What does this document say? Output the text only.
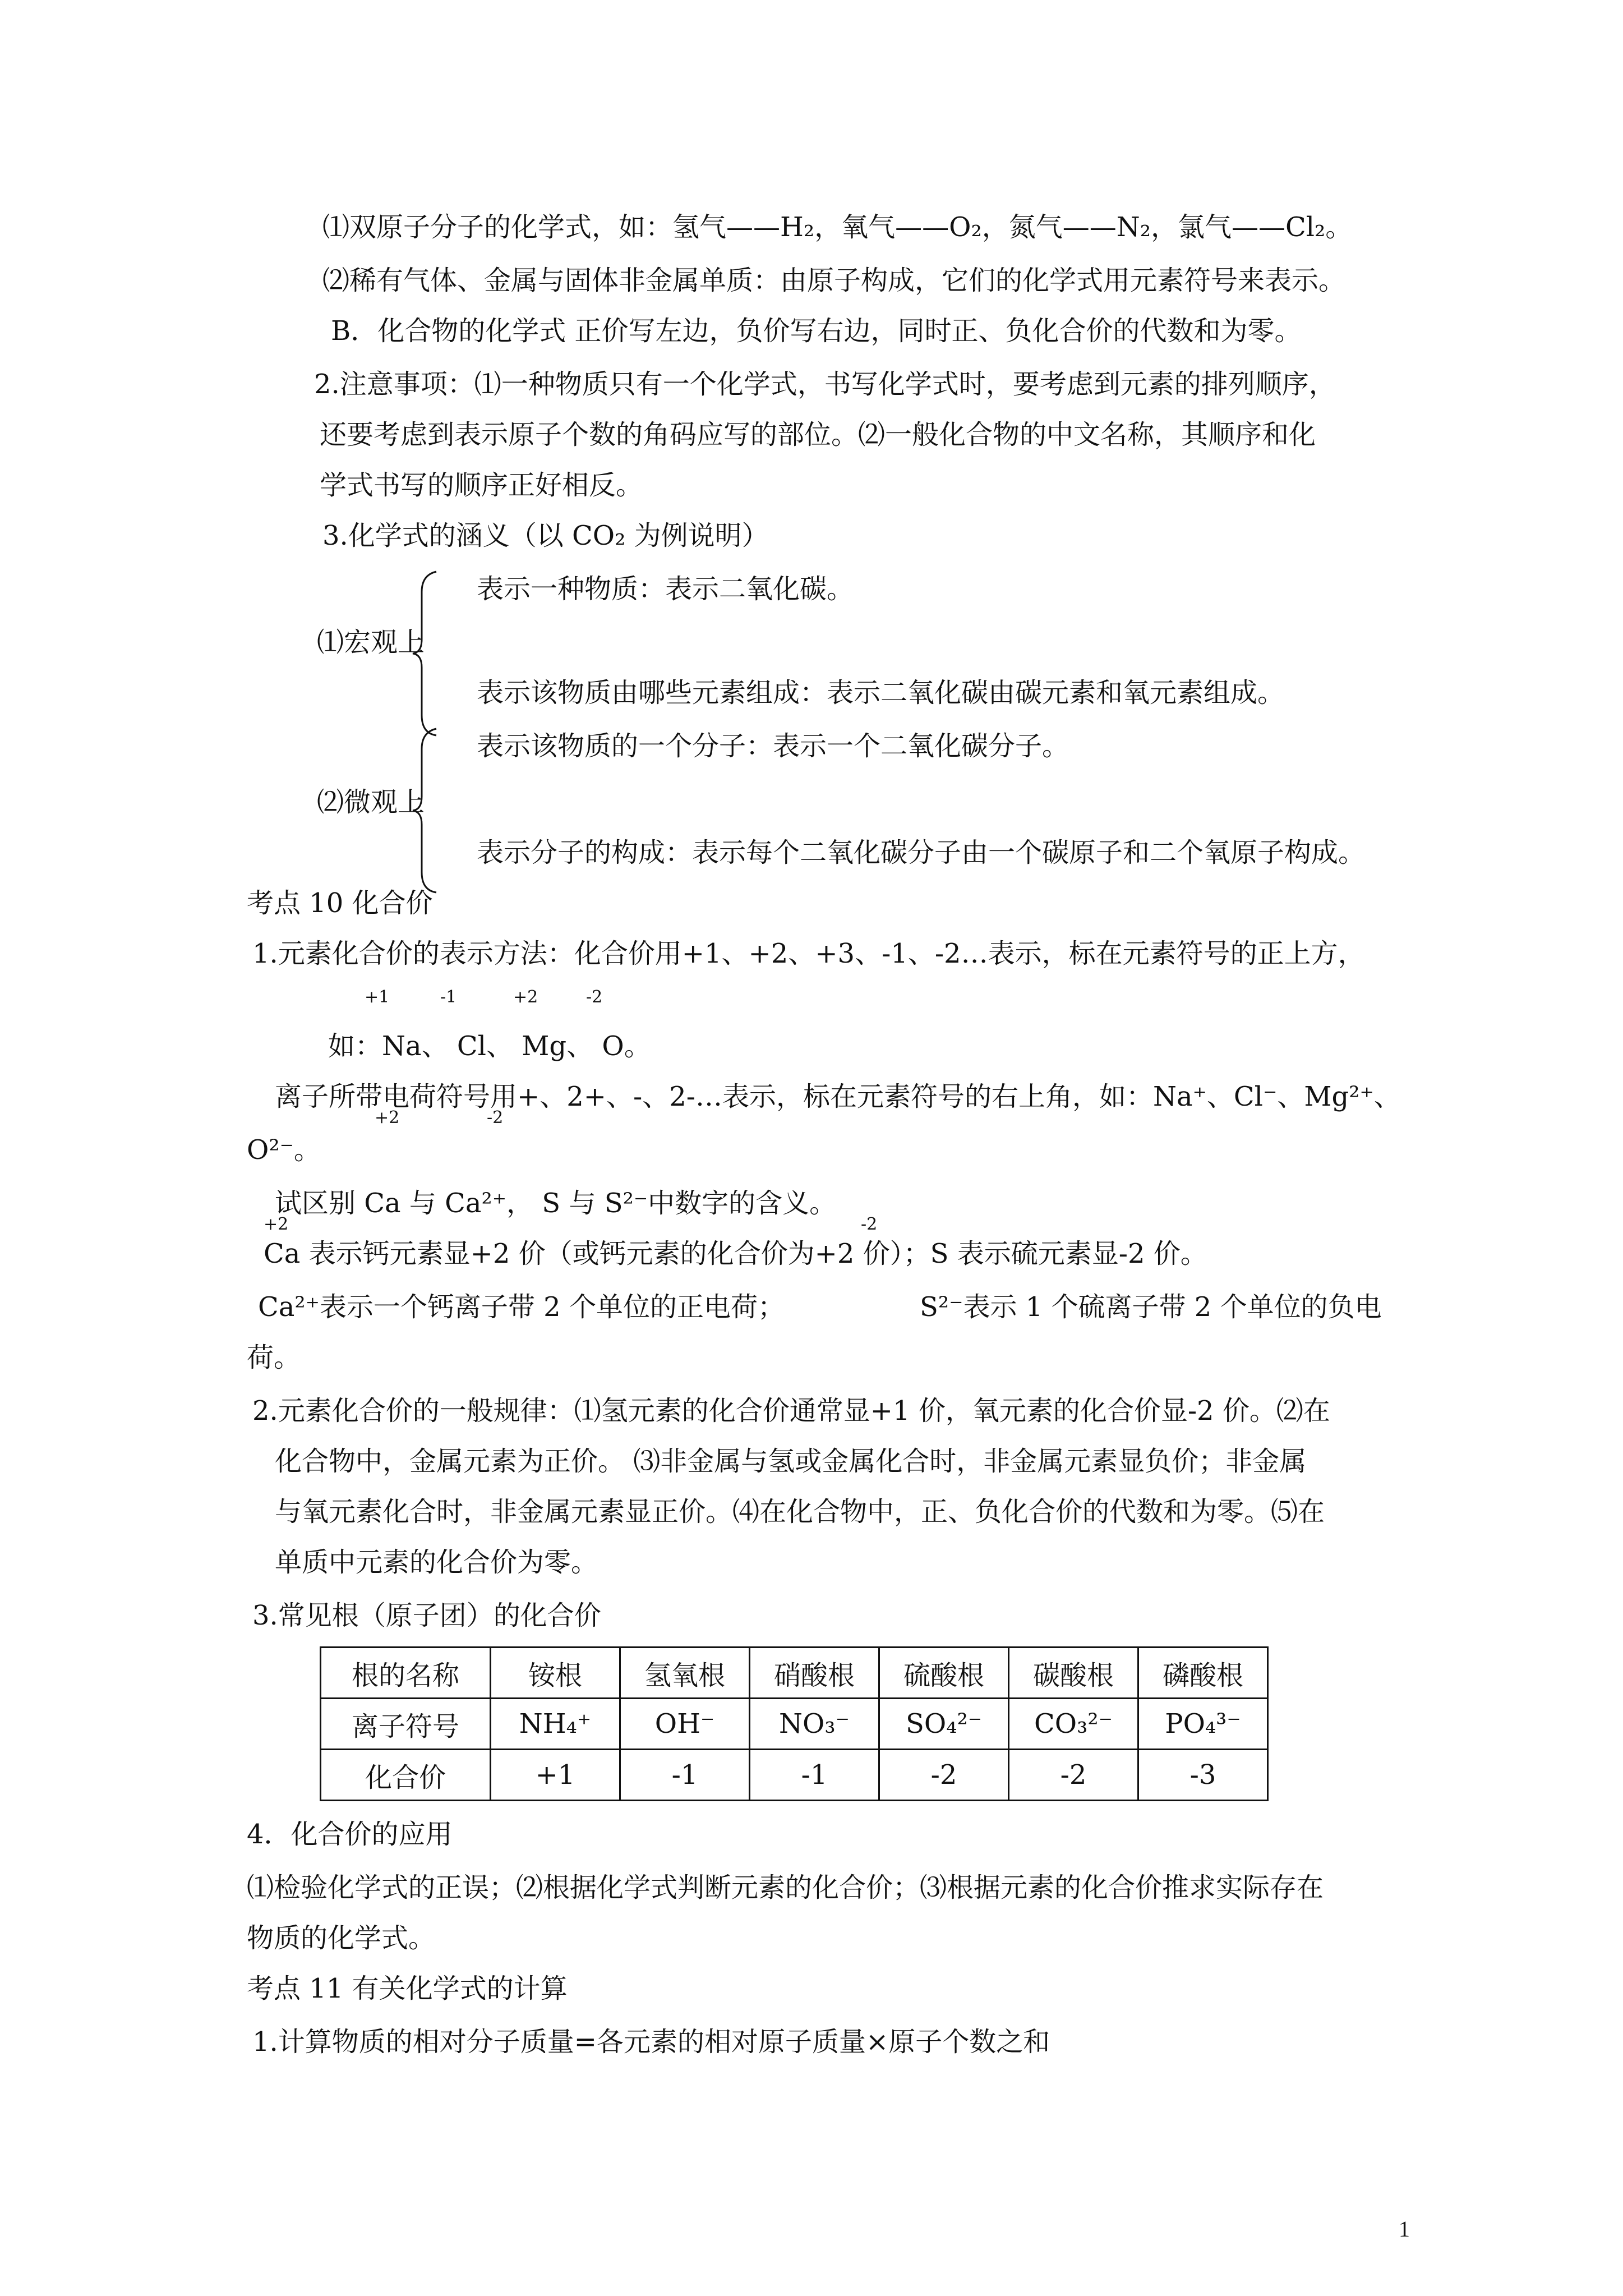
⑴双原子分子的化学式，如：氢气——H₂，氧气——O₂，氮气——N₂，氯气——Cl₂。
⑵稀有气体、金属与固体非金属单质：由原子构成，它们的化学式用元素符号来表示。
B．化合物的化学式 正价写左边，负价写右边，同时正、负化合价的代数和为零。
2.注意事项：⑴一种物质只有一个化学式，书写化学式时，要考虑到元素的排列顺序，
还要考虑到表示原子个数的角码应写的部位。⑵一般化合物的中文名称，其顺序和化
学式书写的顺序正好相反。
3.化学式的涵义（以 CO₂ 为例说明）
表示一种物质：表示二氧化碳。
⑴宏观上
表示该物质由哪些元素组成：表示二氧化碳由碳元素和氧元素组成。
表示该物质的一个分子：表示一个二氧化碳分子。
⑵微观上
表示分子的构成：表示每个二氧化碳分子由一个碳原子和二个氧原子构成。
考点 10 化合价
1.元素化合价的表示方法：化合价用+1、+2、+3、-1、-2…表示，标在元素符号的正上方，
+1	-1	+2	-2
如：Na、 Cl、 Mg、 O。
离子所带电荷符号用+、2+、-、2-…表示，标在元素符号的右上角，如：Na⁺、Cl⁻、Mg²⁺、
+2	-2
O²⁻。
试区别 Ca 与 Ca²⁺， S 与 S²⁻中数字的含义。
+2	-2
Ca 表示钙元素显+2 价（或钙元素的化合价为+2 价）；S 表示硫元素显-2 价。
Ca²⁺表示一个钙离子带 2 个单位的正电荷；	S²⁻表示 1 个硫离子带 2 个单位的负电
荷。
2.元素化合价的一般规律：⑴氢元素的化合价通常显+1 价，氧元素的化合价显-2 价。⑵在
化合物中，金属元素为正价。 ⑶非金属与氢或金属化合时，非金属元素显负价；非金属
与氧元素化合时，非金属元素显正价。⑷在化合物中，正、负化合价的代数和为零。⑸在
单质中元素的化合价为零。
3.常见根（原子团）的化合价
根的名称	铵根	氢氧根	硝酸根	硫酸根	碳酸根	磷酸根
离子符号	NH₄⁺	OH⁻	NO₃⁻	SO₄²⁻	CO₃²⁻	PO₄³⁻
化合价	+1	-1	-1	-2	-2	-3
4．化合价的应用
⑴检验化学式的正误；⑵根据化学式判断元素的化合价；⑶根据元素的化合价推求实际存在
物质的化学式。
考点 11 有关化学式的计算
1.计算物质的相对分子质量=各元素的相对原子质量×原子个数之和
1
